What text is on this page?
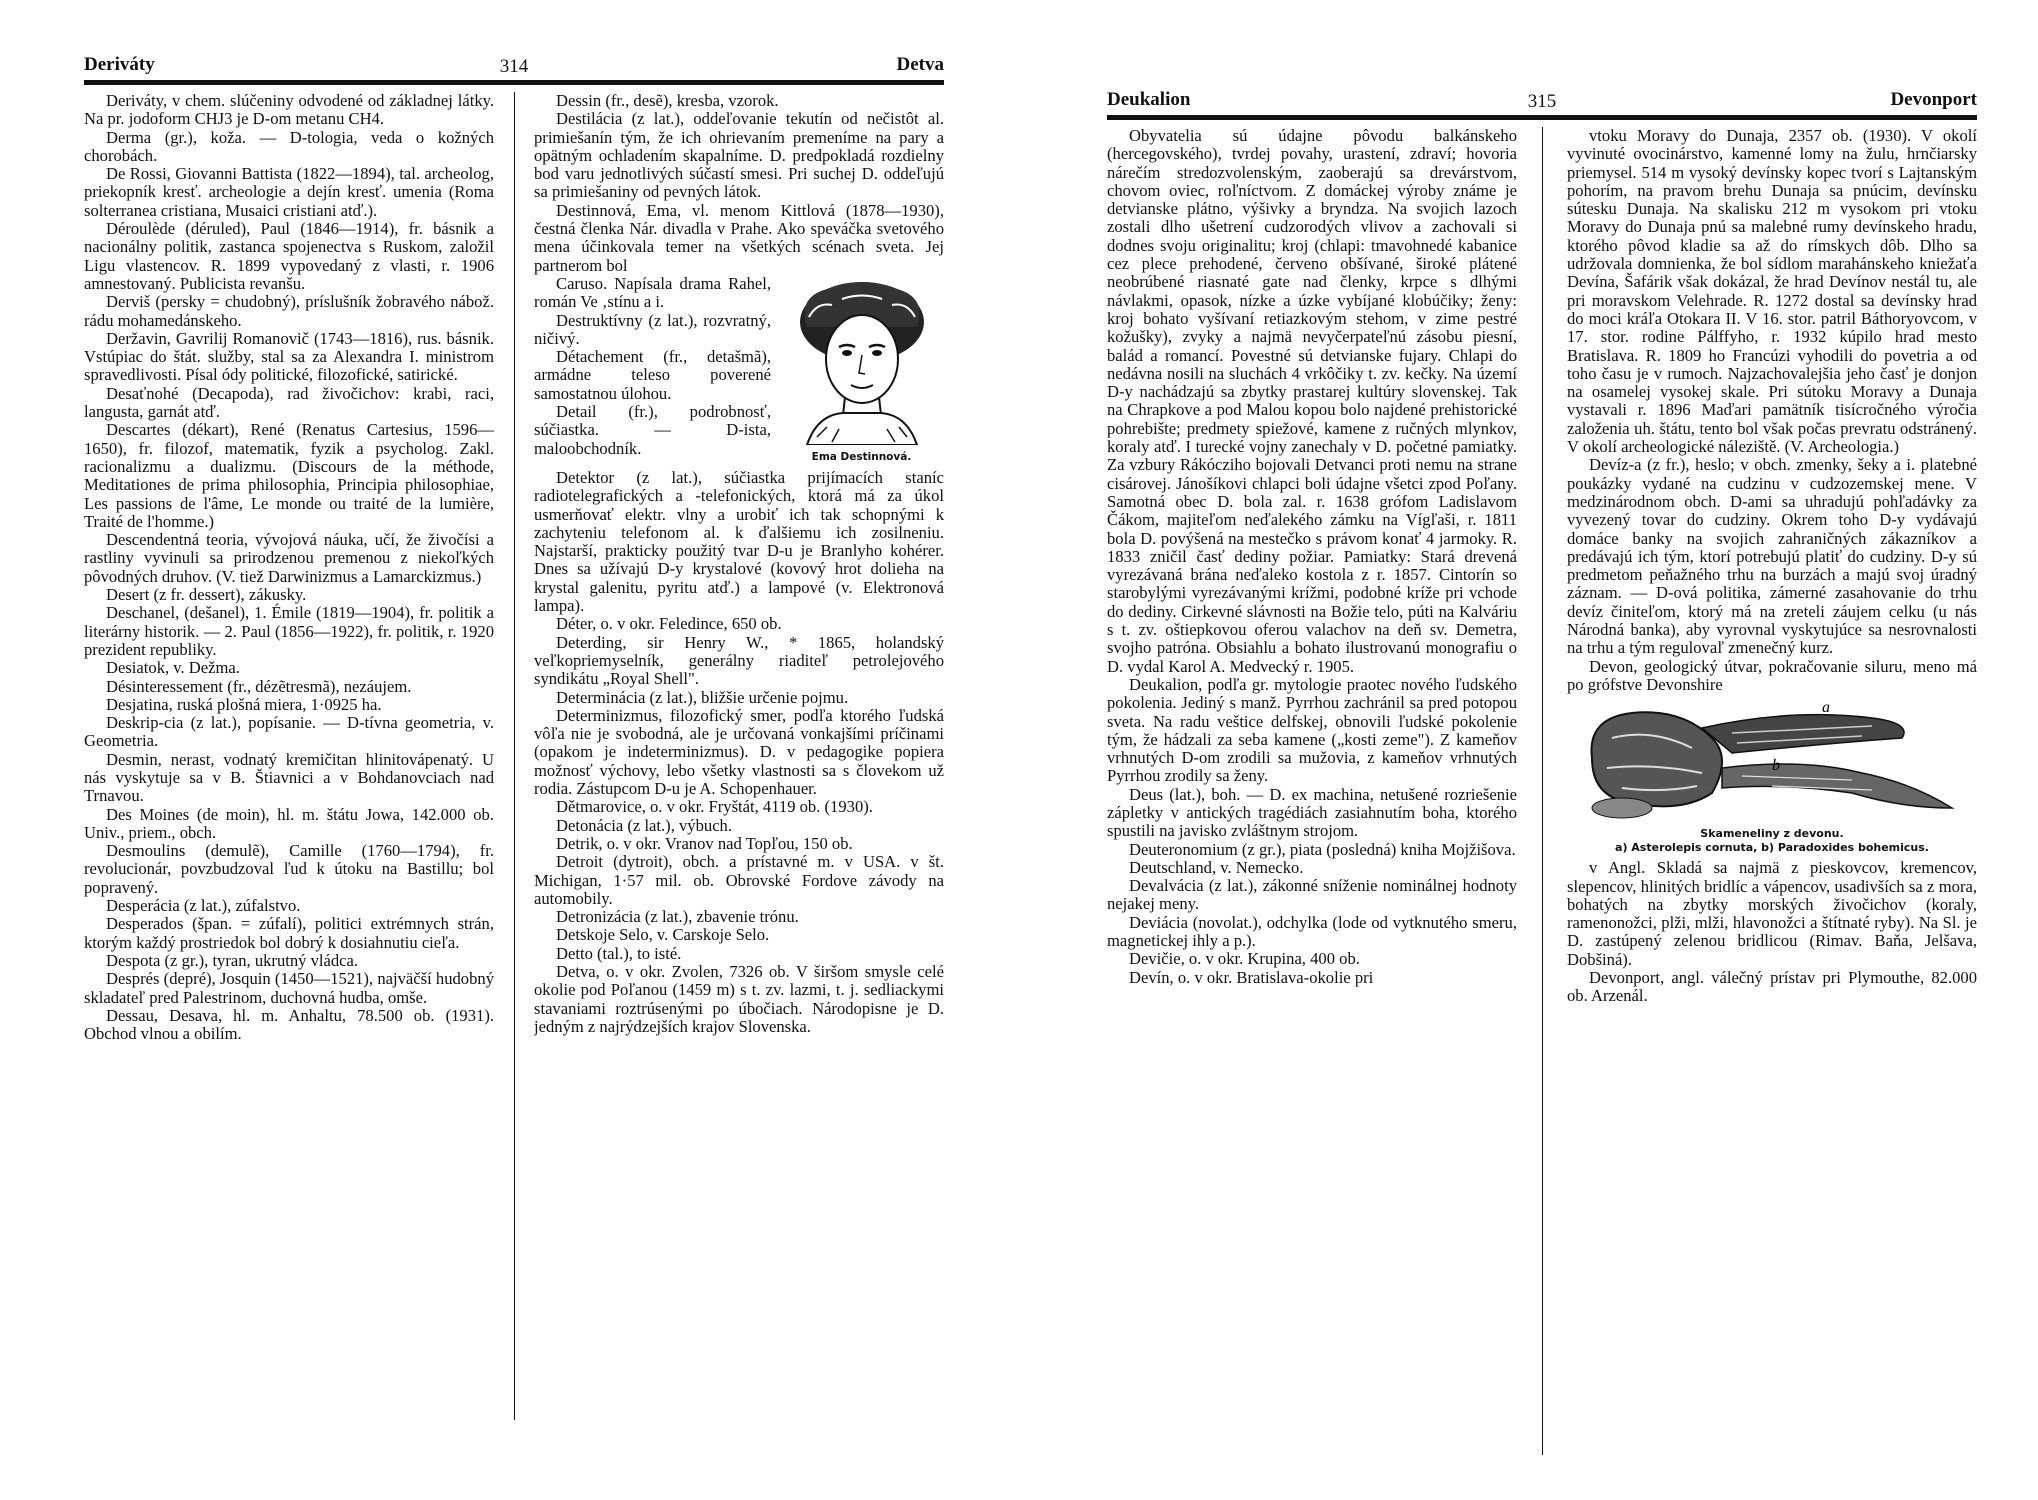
Deriváty	314	Detva

Deriváty, v chem. slúčeniny odvodené od základnej látky. Na pr. jodoform CHJ3 je D-om metanu CH4.

Derma (gr.), koža. — D-tologia, veda o kožných chorobách.

De Rossi, Giovanni Battista (1822—1894), tal. archeolog, priekopník kresť. archeologie a dejín kresť. umenia (Roma solterranea cristiana, Musaici cristiani atď.).

Déroulède (déruled), Paul (1846—1914), fr. básnik a nacionálny politik, zastanca spojenectva s Ruskom, založil Ligu vlastencov. R. 1899 vypovedaný z vlasti, r. 1906 amnestovaný. Publicista revanšu.

Derviš (persky = chudobný), príslušník žobravého nábož. rádu mohamedánskeho.

Deržavin, Gavrilij Romanovič (1743—1816), rus. básnik. Vstúpiac do štát. služby, stal sa za Alexandra I. ministrom spravedlivosti. Písal ódy politické, filozofické, satirické.

Desaťnohé (Decapoda), rad živočichov: krabi, raci, langusta, garnát atď.

Descartes (dékart), René (Renatus Cartesius, 1596—1650), fr. filozof, matematik, fyzik a psycholog. Zakl. racionalizmu a dualizmu. (Discours de la méthode, Meditationes de prima philosophia, Principia philosophiae, Les passions de l'âme, Le monde ou traité de la lumière, Traité de l'homme.)

Descendentná teoria, vývojová náuka, učí, že živočísi a rastliny vyvinuli sa prirodzenou premenou z niekoľkých pôvodných druhov. (V. tiež Darwinizmus a Lamarckizmus.)

Desert (z fr. dessert), zákusky.

Deschanel, (dešanel), 1. Émile (1819—1904), fr. politik a literárny historik. — 2. Paul (1856—1922), fr. politik, r. 1920 prezident republiky.

Desiatok, v. Dežma.

Désinteressement (fr., dézẽtresmã), nezáujem.

Desjatina, ruská plošná miera, 1·0925 ha.

Deskrip-cia (z lat.), popísanie. — D-tívna geometria, v. Geometria.

Desmin, nerast, vodnatý kremičitan hlinitovápenatý. U nás vyskytuje sa v B. Štiavnici a v Bohdanovciach nad Trnavou.

Des Moines (de moin), hl. m. štátu Jowa, 142.000 ob. Univ., priem., obch.

Desmoulins (demulẽ), Camille (1760—1794), fr. revolucionár, povzbudzoval ľud k útoku na Bastillu; bol popravený.

Desperácia (z lat.), zúfalstvo.

Desperados (špan. = zúfalí), politici extrémnych strán, ktorým každý prostriedok bol dobrý k dosiahnutiu cieľa.

Despota (z gr.), tyran, ukrutný vládca.

Després (depré), Josquin (1450—1521), najväčší hudobný skladateľ pred Palestrinom, duchovná hudba, omše.

Dessau, Desava, hl. m. Anhaltu, 78.500 ob. (1931). Obchod vlnou a obilím.

Dessin (fr., desẽ), kresba, vzorok.

Destilácia (z lat.), oddeľovanie tekutín od nečistôt al. primiešanín tým, že ich ohrievaním premeníme na pary a opätným ochladením skapalníme. D. predpokladá rozdielny bod varu jednotlivých súčastí smesi. Pri suchej D. oddeľujú sa primiešaniny od pevných látok.

Destinnová, Ema, vl. menom Kittlová (1878—1930), čestná členka Nár. divadla v Prahe. Ako speváčka svetového mena účinkovala temer na všetkých scénach sveta. Jej partnerom bol

Ema Destinnová.

Caruso. Napísala drama Rahel, román Ve ‚stínu a i.

Destruktívny (z lat.), rozvratný, ničivý.

Détachement (fr., detašmã), armádne teleso poverené samostatnou úlohou.

Detail (fr.), podrobnosť, súčiastka. — D-ista, maloobchodník.

Detektor (z lat.), súčiastka prijímacích staníc radiotelegrafických a -telefonických, ktorá má za úkol usmerňovať elektr. vlny a urobiť ich tak schopnými k zachyteniu telefonom al. k ďalšiemu ich zosilneniu. Najstarší, prakticky použitý tvar D-u je Branlyho kohérer. Dnes sa užívajú D-y krystalové (kovový hrot dolieha na krystal galenitu, pyritu atď.) a lampové (v. Elektronová lampa).

Déter, o. v okr. Feledince, 650 ob.

Deterding, sir Henry W., * 1865, holandský veľkopriemyselník, generálny riaditeľ petrolejového syndikátu „Royal Shell".

Determinácia (z lat.), bližšie určenie pojmu.

Determinizmus, filozofický smer, podľa ktorého ľudská vôľa nie je svobodná, ale je určovaná vonkajšími príčinami (opakom je indeterminizmus). D. v pedagogike popiera možnosť výchovy, lebo všetky vlastnosti sa s človekom už rodia. Zástupcom D-u je A. Schopenhauer.

Dětmarovice, o. v okr. Fryštát, 4119 ob. (1930).

Detonácia (z lat.), výbuch.

Detrik, o. v okr. Vranov nad Topľou, 150 ob.

Detroit (dytroit), obch. a prístavné m. v USA. v št. Michigan, 1·57 mil. ob. Obrovské Fordove závody na automobily.

Detronizácia (z lat.), zbavenie trónu.

Detskoje Selo, v. Carskoje Selo.

Detto (tal.), to isté.

Detva, o. v okr. Zvolen, 7326 ob. V širšom smysle celé okolie pod Poľanou (1459 m) s t. zv. lazmi, t. j. sedliackymi stavaniami roztrúsenými po úbočiach. Národopisne je D. jedným z najrýdzejších krajov Slovenska.

Deukalion	315	Devonport

Obyvatelia sú údajne pôvodu balkánskeho (hercegovského), tvrdej povahy, urastení, zdraví; hovoria nárečím stredozvolenským, zaoberajú sa drevárstvom, chovom oviec, roľníctvom. Z domáckej výroby známe je detvianske plátno, výšivky a bryndza. Na svojich lazoch zostali dlho ušetrení cudzorodých vlivov a zachovali si dodnes svoju originalitu; kroj (chlapi: tmavohnedé kabanice cez plece prehodené, červeno obšívané, široké plátené neobrúbené riasnaté gate nad členky, krpce s dlhými návlakmi, opasok, nízke a úzke vybíjané klobúčiky; ženy: kroj bohato vyšívaní retiazkovým stehom, v zime pestré kožušky), zvyky a najmä nevyčerpateľnú zásobu piesní, balád a romancí. Povestné sú detvianske fujary. Chlapi do nedávna nosili na sluchách 4 vrkôčiky t. zv. kečky. Na území D-y nachádzajú sa zbytky prastarej kultúry slovenskej. Tak na Chrapkove a pod Malou kopou bolo najdené prehistorické pohrebište; predmety spiežové, kamene z ručných mlynkov, koraly atď. I turecké vojny zanechaly v D. početné pamiatky. Za vzbury Rákócziho bojovali Detvanci proti nemu na strane cisárovej. Jánošíkovi chlapci boli údajne všetci zpod Poľany. Samotná obec D. bola zal. r. 1638 grófom Ladislavom Čákom, majiteľom neďalekého zámku na Vígľaši, r. 1811 bola D. povýšená na mestečko s právom konať 4 jarmoky. R. 1833 zničil časť dediny požiar. Pamiatky: Stará drevená vyrezávaná brána neďaleko kostola z r. 1857. Cintorín so starobylými vyrezávanými krížmi, podobné kríže pri vchode do dediny. Cirkevné slávnosti na Božie telo, púti na Kalváriu s t. zv. oštiepkovou oferou valachov na deň sv. Demetra, svojho patróna. Obsiahlu a bohato ilustrovanú monografiu o D. vydal Karol A. Medvecký r. 1905.

Deukalion, podľa gr. mytologie praotec nového ľudského pokolenia. Jediný s manž. Pyrrhou zachránil sa pred potopou sveta. Na radu veštice delfskej, obnovili ľudské pokolenie tým, že hádzali za seba kamene („kosti zeme"). Z kameňov vrhnutých D-om zrodili sa mužovia, z kameňov vrhnutých Pyrrhou zrodily sa ženy.

Deus (lat.), boh. — D. ex machina, netušené rozriešenie zápletky v antických tragédiách zasiahnutím boha, ktorého spustili na javisko zvláštnym strojom.

Deuteronomium (z gr.), piata (posledná) kniha Mojžišova.

Deutschland, v. Nemecko.

Devalvácia (z lat.), zákonné sníženie nominálnej hodnoty nejakej meny.

Deviácia (novolat.), odchylka (lode od vytknutého smeru, magnetickej ihly a p.).

Devičie, o. v okr. Krupina, 400 ob.

Devín, o. v okr. Bratislava-okolie pri

vtoku Moravy do Dunaja, 2357 ob. (1930). V okolí vyvinuté ovocinárstvo, kamenné lomy na žulu, hrnčiarsky priemysel. 514 m vysoký devínsky kopec tvorí s Lajtanským pohorím, na pravom brehu Dunaja sa pnúcim, devínsku sútesku Dunaja. Na skalisku 212 m vysokom pri vtoku Moravy do Dunaja pnú sa malebné rumy devínskeho hradu, ktorého pôvod kladie sa až do rímskych dôb. Dlho sa udržovala domnienka, že bol sídlom marahánskeho kniežaťa Devína, Šafárik však dokázal, že hrad Devínov nestál tu, ale pri moravskom Velehrade. R. 1272 dostal sa devínsky hrad do moci kráľa Otokara II. V 16. stor. patril Báthoryovcom, v 17. stor. rodine Pálffyho, r. 1932 kúpilo hrad mesto Bratislava. R. 1809 ho Francúzi vyhodili do povetria a od toho času je v rumoch. Najzachovalejšia jeho časť je donjon na osamelej vysokej skale. Pri sútoku Moravy a Dunaja vystavali r. 1896 Maďari pamätník tisícročného výročia založenia uh. štátu, tento bol však počas prevratu odstránený. V okolí archeologické náleziště. (V. Archeologia.)

Devíz-a (z fr.), heslo; v obch. zmenky, šeky a i. platebné poukázky vydané na cudzinu v cudzozemskej mene. V medzinárodnom obch. D-ami sa uhradujú pohľadávky za vyvezený tovar do cudziny. Okrem toho D-y vydávajú domáce banky na svojich zahraničných zákazníkov a predávajú ich tým, ktorí potrebujú platiť do cudziny. D-y sú predmetom peňažného trhu na burzách a majú svoj úradný záznam. — D-ová politika, zámerné zasahovanie do trhu devíz činiteľom, ktorý má na zreteli záujem celku (u nás Národná banka), aby vyrovnal vyskytujúce sa nesrovnalosti na trhu a tým regulovaľ zmenečný kurz.

Devon, geologický útvar, pokračovanie siluru, meno má po grófstve Devonshire

a
b
Skameneliny z devonu.
a) Asterolepis cornuta, b) Paradoxides bohemicus.

v Angl. Skladá sa najmä z pieskovcov, kremencov, slepencov, hlinitých bridlíc a vápencov, usadivších sa z mora, bohatých na zbytky morských živočichov (koraly, ramenonožci, plži, mlži, hlavonožci a štítnaté ryby). Na Sl. je D. zastúpený zelenou bridlicou (Rimav. Baňa, Jelšava, Dobšiná).

Devonport, angl. válečný prístav pri Plymouthe, 82.000 ob. Arzenál.
